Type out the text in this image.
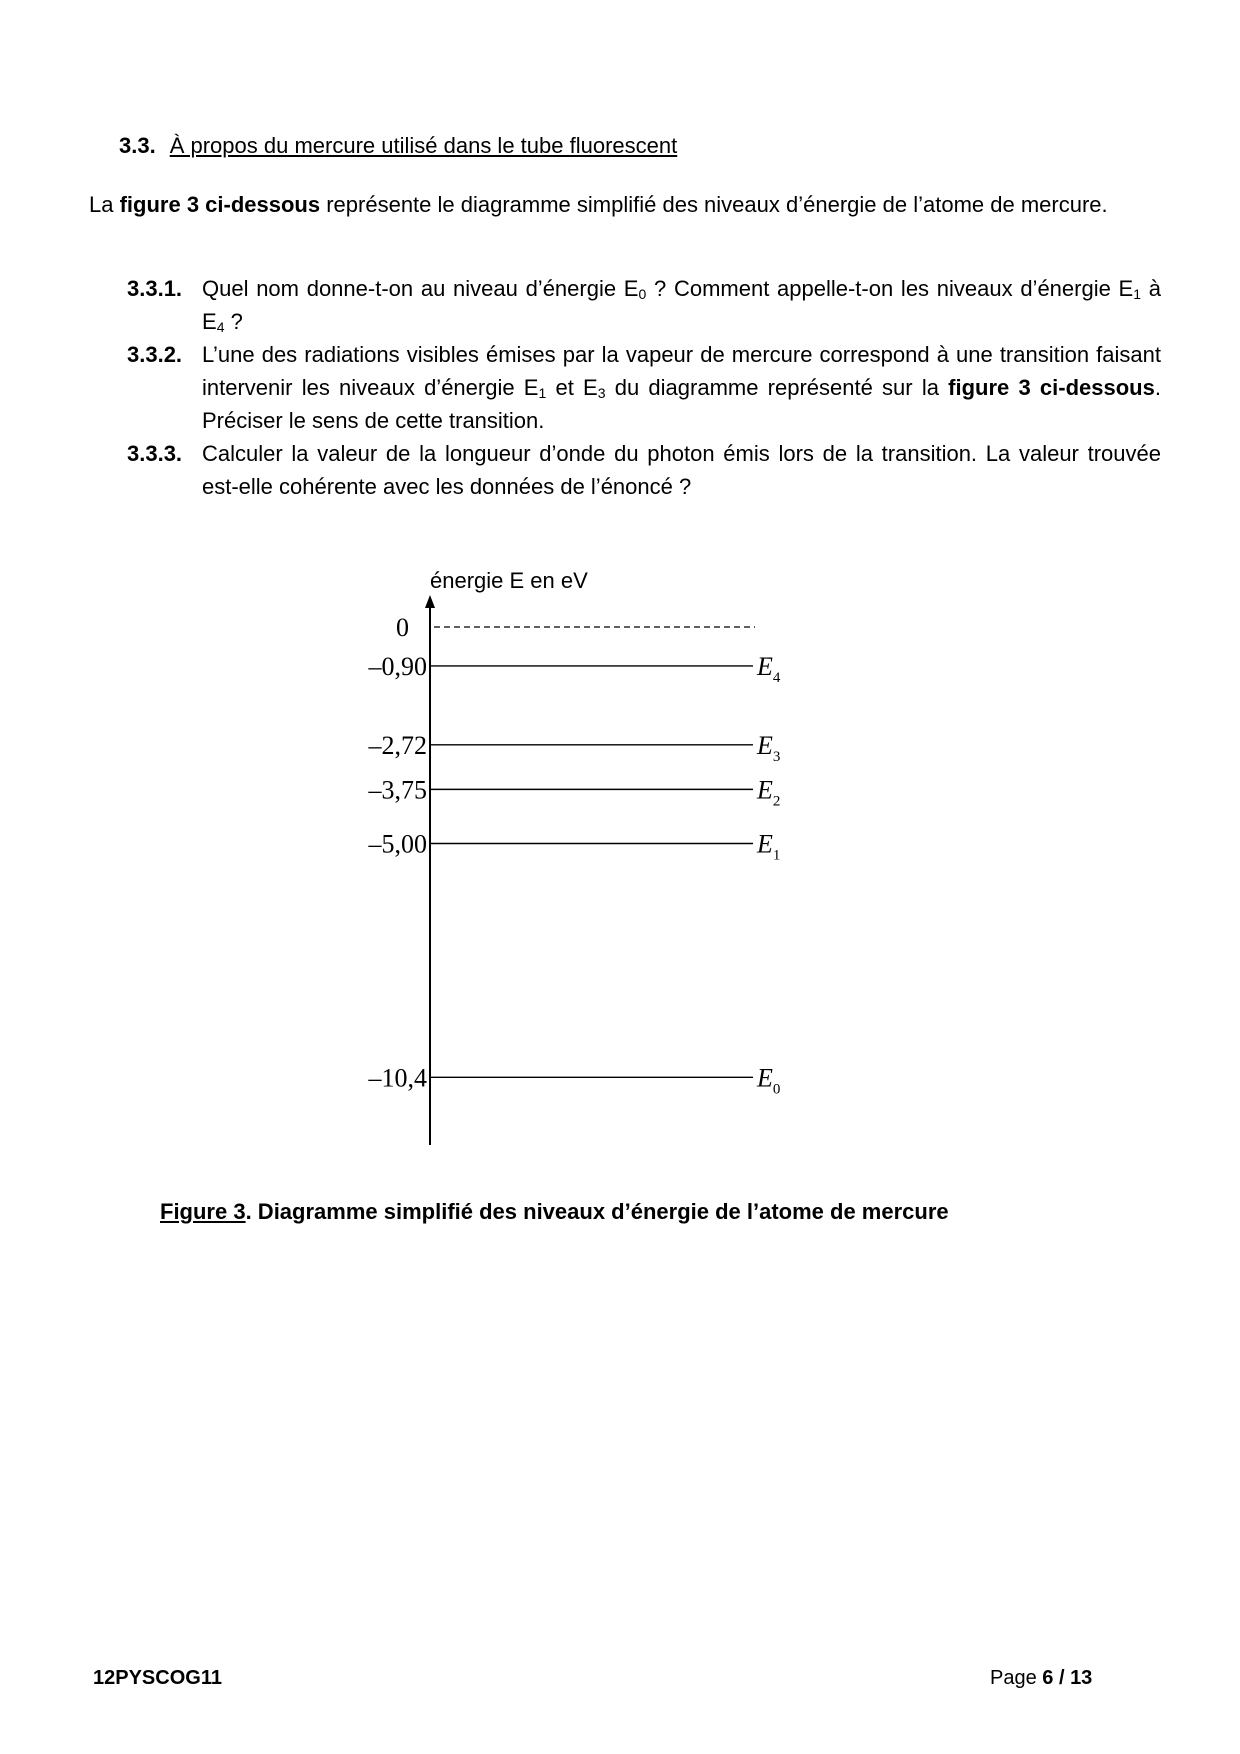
3.3. À propos du mercure utilisé dans le tube fluorescent
La figure 3 ci-dessous représente le diagramme simplifié des niveaux d’énergie de l’atome de mercure.
3.3.1. Quel nom donne-t-on au niveau d’énergie $E_0$ ? Comment appelle-t-on les niveaux d’énergie $E_1$ à $E_4$ ?
3.3.2. L’une des radiations visibles émises par la vapeur de mercure correspond à une transition faisant intervenir les niveaux d’énergie $E_1$ et $E_3$ du diagramme représenté sur la figure 3 ci-dessous. Préciser le sens de cette transition.
3.3.3. Calculer la valeur de la longueur d’onde du photon émis lors de la transition. La valeur trouvée est-elle cohérente avec les données de l’énoncé ?
énergie E en eV
0
–0,90	$E_4$
–2,72	$E_3$
–3,75	$E_2$
–5,00	$E_1$
–10,4	$E_0$
Figure 3. Diagramme simplifié des niveaux d’énergie de l’atome de mercure
12PYSCOG11	Page 6 / 13
